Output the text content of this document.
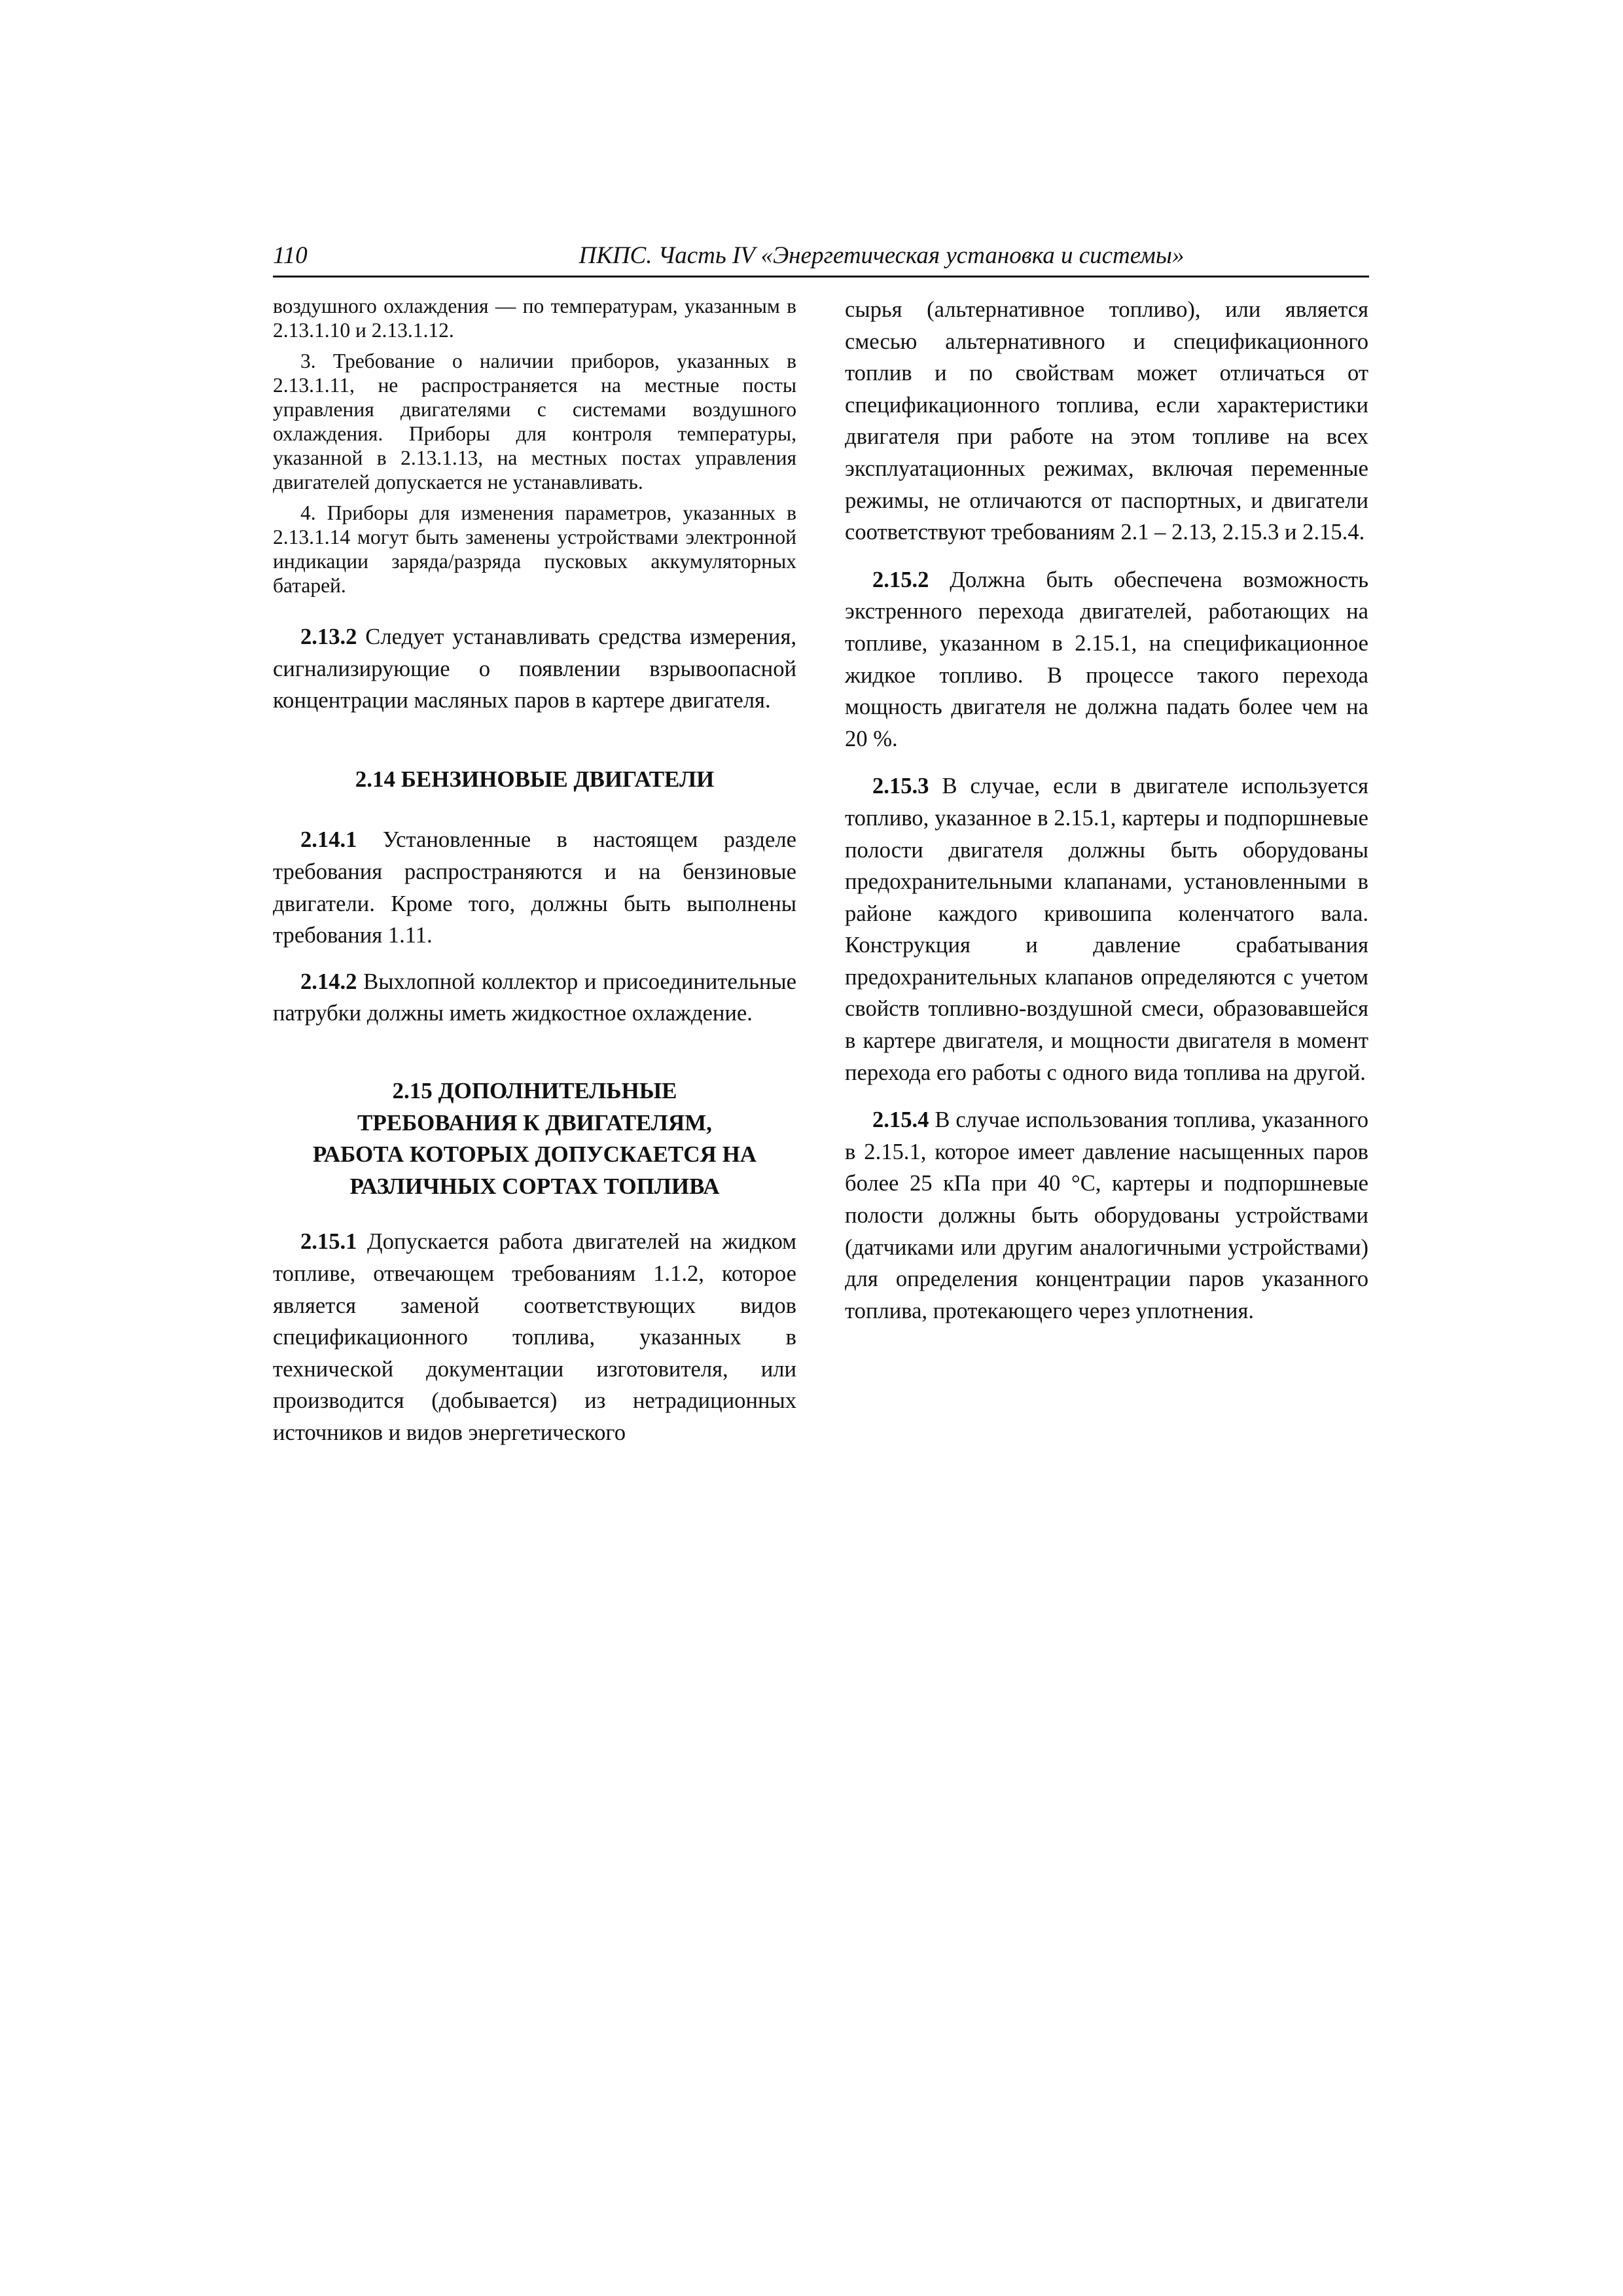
110	ПКПС. Часть IV «Энергетическая установка и системы»

воздушного охлаждения — по температурам, указанным в 2.13.1.10 и 2.13.1.12.

3. Требование о наличии приборов, указанных в 2.13.1.11, не распространяется на местные посты управления двигателями с системами воздушного охлаждения. Приборы для контроля температуры, указанной в 2.13.1.13, на местных постах управления двигателей допускается не устанавливать.

4. Приборы для изменения параметров, указанных в 2.13.1.14 могут быть заменены устройствами электронной индикации заряда/разряда пусковых аккумуляторных батарей.

2.13.2 Следует устанавливать средства измерения, сигнализирующие о появлении взрывоопасной концентрации масляных паров в картере двигателя.

2.14 БЕНЗИНОВЫЕ ДВИГАТЕЛИ

2.14.1 Установленные в настоящем разделе требования распространяются и на бензиновые двигатели. Кроме того, должны быть выполнены требования 1.11.

2.14.2 Выхлопной коллектор и присоединительные патрубки должны иметь жидкостное охлаждение.

2.15 ДОПОЛНИТЕЛЬНЫЕ
ТРЕБОВАНИЯ К ДВИГАТЕЛЯМ,
РАБОТА КОТОРЫХ ДОПУСКАЕТСЯ НА
РАЗЛИЧНЫХ СОРТАХ ТОПЛИВА

2.15.1 Допускается работа двигателей на жидком топливе, отвечающем требованиям 1.1.2, которое является заменой соответствующих видов спецификационного топлива, указанных в технической документации изготовителя, или производится (добывается) из нетрадиционных источников и видов энергетического

сырья (альтернативное топливо), или является смесью альтернативного и спецификационного топлив и по свойствам может отличаться от спецификационного топлива, если характеристики двигателя при работе на этом топливе на всех эксплуатационных режимах, включая переменные режимы, не отличаются от паспортных, и двигатели соответствуют требованиям 2.1 – 2.13, 2.15.3 и 2.15.4.

2.15.2 Должна быть обеспечена возможность экстренного перехода двигателей, работающих на топливе, указанном в 2.15.1, на спецификационное жидкое топливо. В процессе такого перехода мощность двигателя не должна падать более чем на 20 %.

2.15.3 В случае, если в двигателе используется топливо, указанное в 2.15.1, картеры и подпоршневые полости двигателя должны быть оборудованы предохранительными клапанами, установленными в районе каждого кривошипа коленчатого вала. Конструкция и давление срабатывания предохранительных клапанов определяются с учетом свойств топливно-воздушной смеси, образовавшейся в картере двигателя, и мощности двигателя в момент перехода его работы с одного вида топлива на другой.

2.15.4 В случае использования топлива, указанного в 2.15.1, которое имеет давление насыщенных паров более 25 кПа при 40 °С, картеры и подпоршневые полости должны быть оборудованы устройствами (датчиками или другим аналогичными устройствами) для определения концентрации паров указанного топлива, протекающего через уплотнения.
